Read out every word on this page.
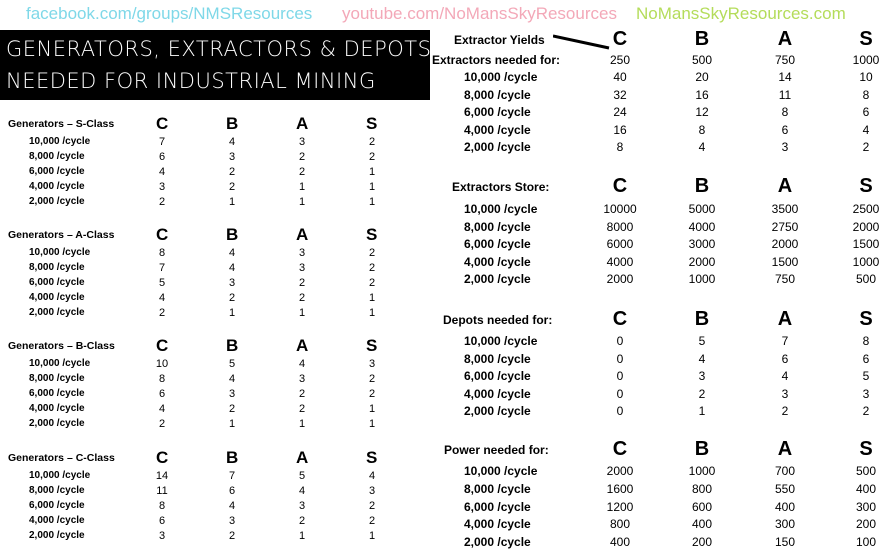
facebook.com/groups/NMSResources youtube.com/NoMansSkyResources NoMansSkyResources.com
GENERATORS, EXTRACTORS & DEPOTS
NEEDED FOR INDUSTRIAL MINING
Generators – S-Class C	B	A	S
10,000 /cycle	7	4	3	2
8,000 /cycle	6	3	2	2
6,000 /cycle	4	2	2	1
4,000 /cycle	3	2	1	1
2,000 /cycle	2	1	1	1
Generators – A-Class C	B	A	S
10,000 /cycle	8	4	3	2
8,000 /cycle	7	4	3	2
6,000 /cycle	5	3	2	2
4,000 /cycle	4	2	2	1
2,000 /cycle	2	1	1	1
Generators – B-Class C	B	A	S
10,000 /cycle	10	5	4	3
8,000 /cycle	8	4	3	2
6,000 /cycle	6	3	2	2
4,000 /cycle	4	2	2	1
2,000 /cycle	2	1	1	1
Generators – C-Class C	B	A	S
10,000 /cycle	14	7	5	4
8,000 /cycle	11	6	4	3
6,000 /cycle	8	4	3	2
4,000 /cycle	6	3	2	2
2,000 /cycle	3	2	1	1
Extractor Yields	C	B	A	S
Extractors needed for:	250	500	750	1000
10,000 /cycle	40	20	14	10
8,000 /cycle	32	16	11	8
6,000 /cycle	24	12	8	6
4,000 /cycle	16	8	6	4
2,000 /cycle	8	4	3	2
Extractors Store:	C	B	A	S
10,000 /cycle	10000	5000	3500	2500
8,000 /cycle	8000	4000	2750	2000
6,000 /cycle	6000	3000	2000	1500
4,000 /cycle	4000	2000	1500	1000
2,000 /cycle	2000	1000	750	500
Depots needed for:	C	B	A	S
10,000 /cycle	0	5	7	8
8,000 /cycle	0	4	6	6
6,000 /cycle	0	3	4	5
4,000 /cycle	0	2	3	3
2,000 /cycle	0	1	2	2
Power needed for:	C	B	A	S
10,000 /cycle	2000	1000	700	500
8,000 /cycle	1600	800	550	400
6,000 /cycle	1200	600	400	300
4,000 /cycle	800	400	300	200
2,000 /cycle	400	200	150	100
